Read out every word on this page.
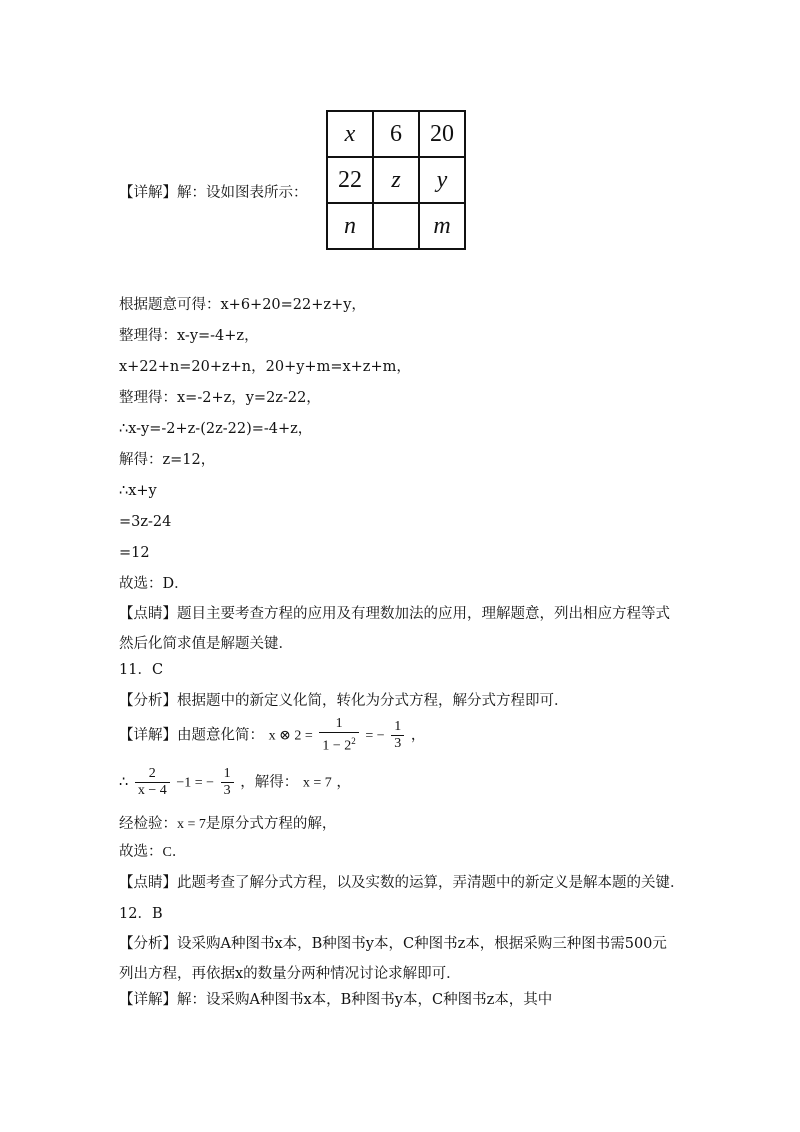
【详解】解：设如图表所示：
x	6	20
22	z	y
n		m
根据题意可得：x+6+20=22+z+y，
整理得：x-y=-4+z，
x+22+n=20+z+n，20+y+m=x+z+m，
整理得：x=-2+z，y=2z-22，
∴x-y=-2+z-(2z-22)=-4+z，
解得：z=12，
∴x+y
=3z-24
=12
故选：D．
【点睛】题目主要考查方程的应用及有理数加法的应用，理解题意，列出相应方程等式然后化简求值是解题关键．
11．C
【分析】根据题中的新定义化简，转化为分式方程，解分式方程即可．
【详解】由题意化简： x ⊗ $2 = \frac{1}{1 - 2^2}$ = − $\frac{1}{3}$ ，
∴ $\frac{2}{x - 4} -1$ = − $\frac{1}{3}$ ，解得： x = 7 ，
经检验：x = 7是原分式方程的解，
故选：C．
【点睛】此题考查了解分式方程，以及实数的运算，弄清题中的新定义是解本题的关键．
12．B
【分析】设采购A种图书x本，B种图书y本，C种图书z本，根据采购三种图书需500元列出方程，再依据x的数量分两种情况讨论求解即可．
【详解】解：设采购A种图书x本，B种图书y本，C种图书z本，其中
